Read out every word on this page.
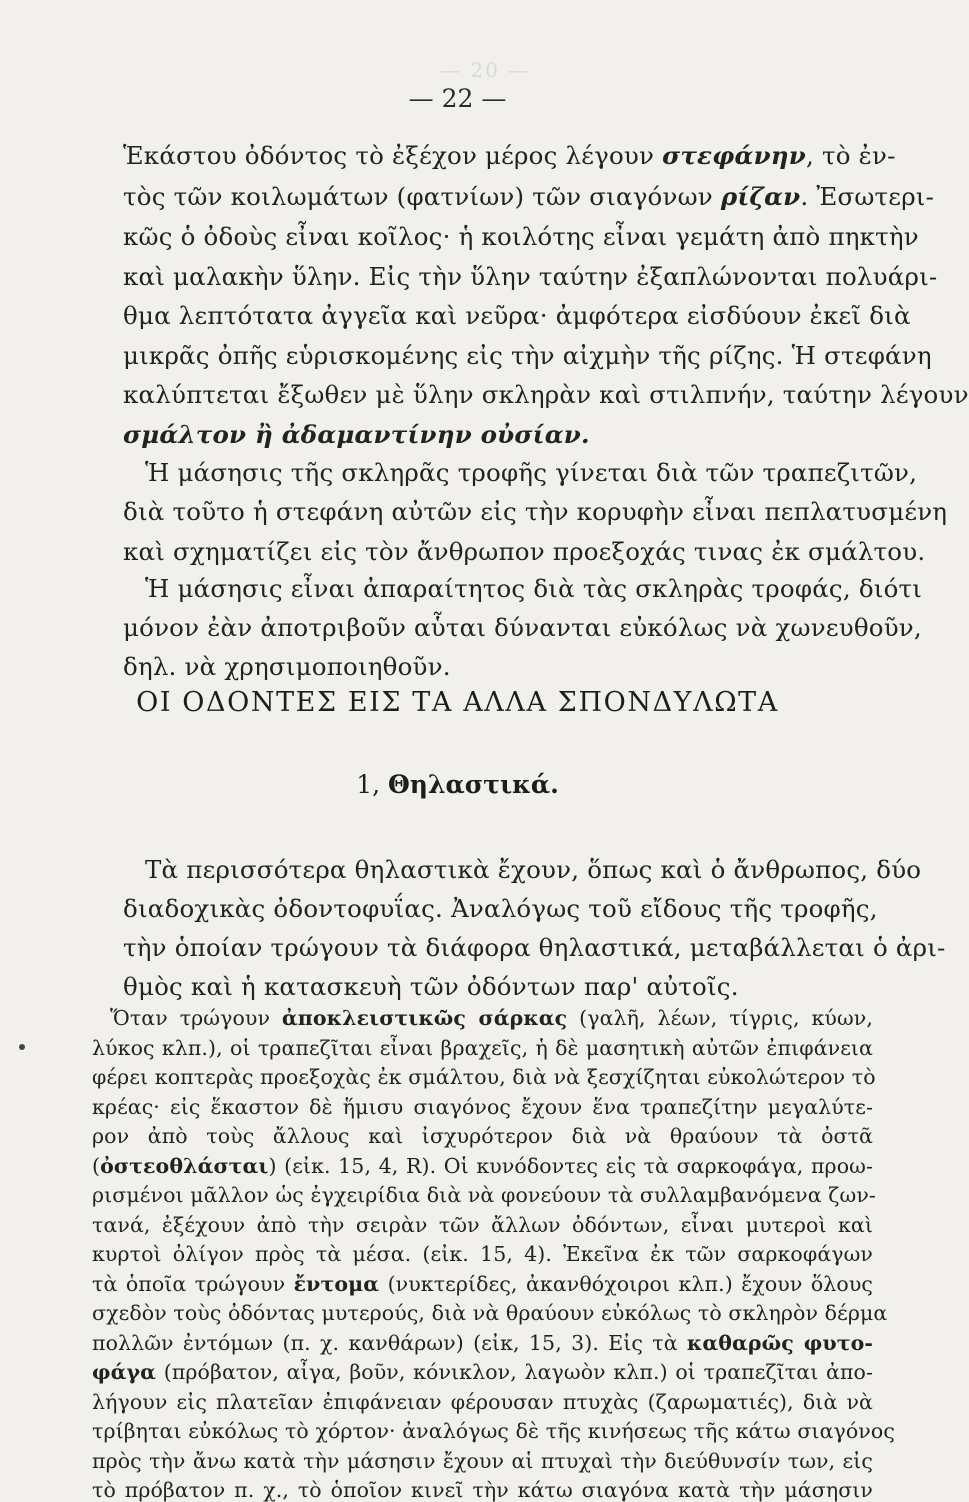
— 20 —
— 22 —
Ἑκάστου ὀδόντος τὸ ἐξέχον μέρος λέγουν στεφάνην, τὸ ἐν-
τὸς τῶν κοιλωμάτων (φατνίων) τῶν σιαγόνων ρίζαν. Ἐσωτερι-
κῶς ὁ ὀδοὺς εἶναι κοῖλος· ἡ κοιλότης εἶναι γεμάτη ἀπὸ πηκτὴν
καὶ μαλακὴν ὕλην. Εἰς τὴν ὕλην ταύτην ἐξαπλώνονται πολυάρι-
θμα λεπτότατα ἀγγεῖα καὶ νεῦρα· ἀμφότερα εἰσδύουν ἐκεῖ διὰ
μικρᾶς ὀπῆς εὑρισκομένης εἰς τὴν αἰχμὴν τῆς ρίζης. Ἡ στεφάνη
καλύπτεται ἔξωθεν μὲ ὕλην σκληρὰν καὶ στιλπνήν, ταύτην λέγουν
σμάλτον ἢ ἀδαμαντίνην οὐσίαν.
Ἡ μάσησις τῆς σκληρᾶς τροφῆς γίνεται διὰ τῶν τραπεζιτῶν,
διὰ τοῦτο ἡ στεφάνη αὐτῶν εἰς τὴν κορυφὴν εἶναι πεπλατυσμένη
καὶ σχηματίζει εἰς τὸν ἄνθρωπον προεξοχάς τινας ἐκ σμάλτου.
Ἡ μάσησις εἶναι ἀπαραίτητος διὰ τὰς σκληρὰς τροφάς, διότι
μόνον ἐὰν ἀποτριβοῦν αὗται δύνανται εὐκόλως νὰ χωνευθοῦν,
δηλ. νὰ χρησιμοποιηθοῦν.
ΟΙ ΟΔΟΝΤΕΣ ΕΙΣ ΤΑ ΑΛΛΑ ΣΠΟΝΔΥΛΩΤΑ
1, Θηλαστικά.
Τὰ περισσότερα θηλαστικὰ ἔχουν, ὅπως καὶ ὁ ἄνθρωπος, δύο
διαδοχικὰς ὀδοντοφυΐας. Ἀναλόγως τοῦ εἴδους τῆς τροφῆς,
τὴν ὁποίαν τρώγουν τὰ διάφορα θηλαστικά, μεταβάλλεται ὁ ἀρι-
θμὸς καὶ ἡ κατασκευὴ τῶν ὀδόντων παρ' αὐτοῖς.
Ὅταν τρώγουν ἀποκλειστικῶς σάρκας (γαλῆ, λέων, τίγρις, κύων,
λύκος κλπ.), οἱ τραπεζῖται εἶναι βραχεῖς, ἡ δὲ μασητικὴ αὐτῶν ἐπιφάνεια
φέρει κοπτερὰς προεξοχὰς ἐκ σμάλτου, διὰ νὰ ξεσχίζηται εὐκολώτερον τὸ
κρέας· εἰς ἕκαστον δὲ ἥμισυ σιαγόνος ἔχουν ἕνα τραπεζίτην μεγαλύτε-
ρον ἀπὸ τοὺς ἄλλους καὶ ἰσχυρότερον διὰ νὰ θραύουν τὰ ὀστᾶ
(ὀστεοθλάσται) (εἰκ. 15, 4, R). Οἱ κυνόδοντες εἰς τὰ σαρκοφάγα, προω-
ρισμένοι μᾶλλον ὡς ἐγχειρίδια διὰ νὰ φονεύουν τὰ συλλαμβανόμενα ζων-
τανά, ἐξέχουν ἀπὸ τὴν σειρὰν τῶν ἄλλων ὀδόντων, εἶναι μυτεροὶ καὶ
κυρτοὶ ὀλίγον πρὸς τὰ μέσα. (εἰκ. 15, 4). Ἐκεῖνα ἐκ τῶν σαρκοφάγων
τὰ ὁποῖα τρώγουν ἔντομα (νυκτερίδες, ἀκανθόχοιροι κλπ.) ἔχουν ὅλους
σχεδὸν τοὺς ὀδόντας μυτερούς, διὰ νὰ θραύουν εὐκόλως τὸ σκληρὸν δέρμα
πολλῶν ἐντόμων (π. χ. κανθάρων) (εἰκ, 15, 3). Εἰς τὰ καθαρῶς φυτο-
φάγα (πρόβατον, αἶγα, βοῦν, κόνικλον, λαγωὸν κλπ.) οἱ τραπεζῖται ἀπο-
λήγουν εἰς πλατεῖαν ἐπιφάνειαν φέρουσαν πτυχὰς (ζαρωματιές), διὰ νὰ
τρίβηται εὐκόλως τὸ χόρτον· ἀναλόγως δὲ τῆς κινήσεως τῆς κάτω σιαγόνος
πρὸς τὴν ἄνω κατὰ τὴν μάσησιν ἔχουν αἱ πτυχαὶ τὴν διεύθυνσίν των, εἰς
τὸ πρόβατον π. χ., τὸ ὁποῖον κινεῖ τὴν κάτω σιαγόνα κατὰ τὴν μάσησιν
